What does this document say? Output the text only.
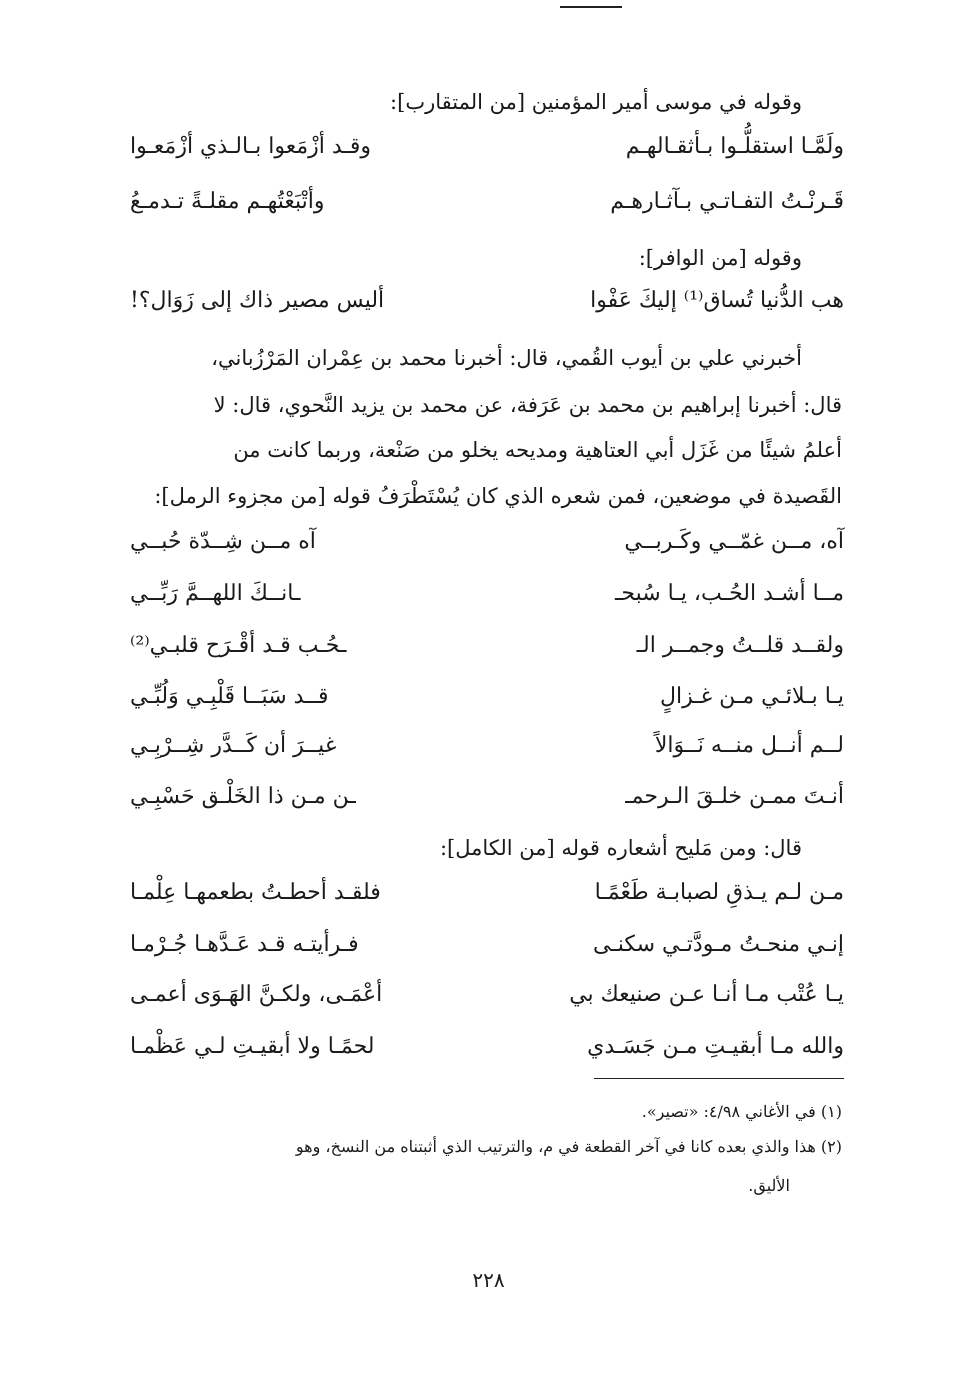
وقوله في موسى أمير المؤمنين [من المتقارب]:
ولَمَّـا استقلُّـوا بـأثقـالهـم
وقـد أزْمَعوا بـالـذي أزْمَعـوا
قَـرنْـتُ التفـاتـي بـآثـارهـم
وأتْبَعْتُهـم مقلـةً تـدمـعُ
وقوله [من الوافر]:
أليس مصير ذاك إلى زَوَال؟!	هب الدُّنيا تُساق⁽¹⁾ إليكَ عَفْوا
أخبرني علي بن أيوب القُمي، قال: أخبرنا محمد بن عِمْران المَرْزُباني،
قال: أخبرنا إبراهيم بن محمد بن عَرَفة، عن محمد بن يزيد النَّحوي، قال: لا
أعلمُ شيئًا من غَزَل أبي العتاهية ومديحه يخلو من صَنْعة، وربما كانت من
القَصيدة في موضعين، فمن شعره الذي كان يُسْتَطْرَفُ قوله [من مجزوء الرمل]:
آه، مــن غمّــي وكَـربــي
آه مــن شِــدّة حُبــي
مــا أشـد الحُـب، يـا سُبحـ
ـانــكَ اللهــمَّ رَبِّــي
ولقــد قلــتُ وجمــر الـ
ـحُـب قـد أقْـرَح قلبـي⁽²⁾
يـا بـلائـي مـن غـزالٍ
قــد سَبَــا قَلْبِـي وَلُبِّـي
لــم أنــل منــه نَــوَالاً
غيــرَ أن كَــدَّر شِــرْبِـي
أنـتَ ممـن خلـقَ الـرحمـ
ـن مـن ذا الخَلْـق حَسْبِـي
قال: ومن مَليح أشعاره قوله [من الكامل]:
مـن لـم يـذقِ لصبابـة طَعْمًـا
فلقـد أحطـتُ بطعمهـا عِلْمـا
إنـي منحـتُ مـودَّتـي سكنـى
فـرأيتـه قـد عَـدَّهـا جُـرْمـا
يـا عُتْب مـا أنـا عـن صنيعك بي
أعْمَـى، ولكـنَّ الهَـوَى أعمـى
والله مـا أبقيـتِ مـن جَسَـدي
لحمًـا ولا أبقيـتِ لـي عَظْمـا
(١) في الأغاني ٤/٩٨: «تصير».
(٢) هذا والذي بعده كانا في آخر القطعة في م، والترتيب الذي أثبتناه من النسخ، وهو
الأليق.
٢٢٨
